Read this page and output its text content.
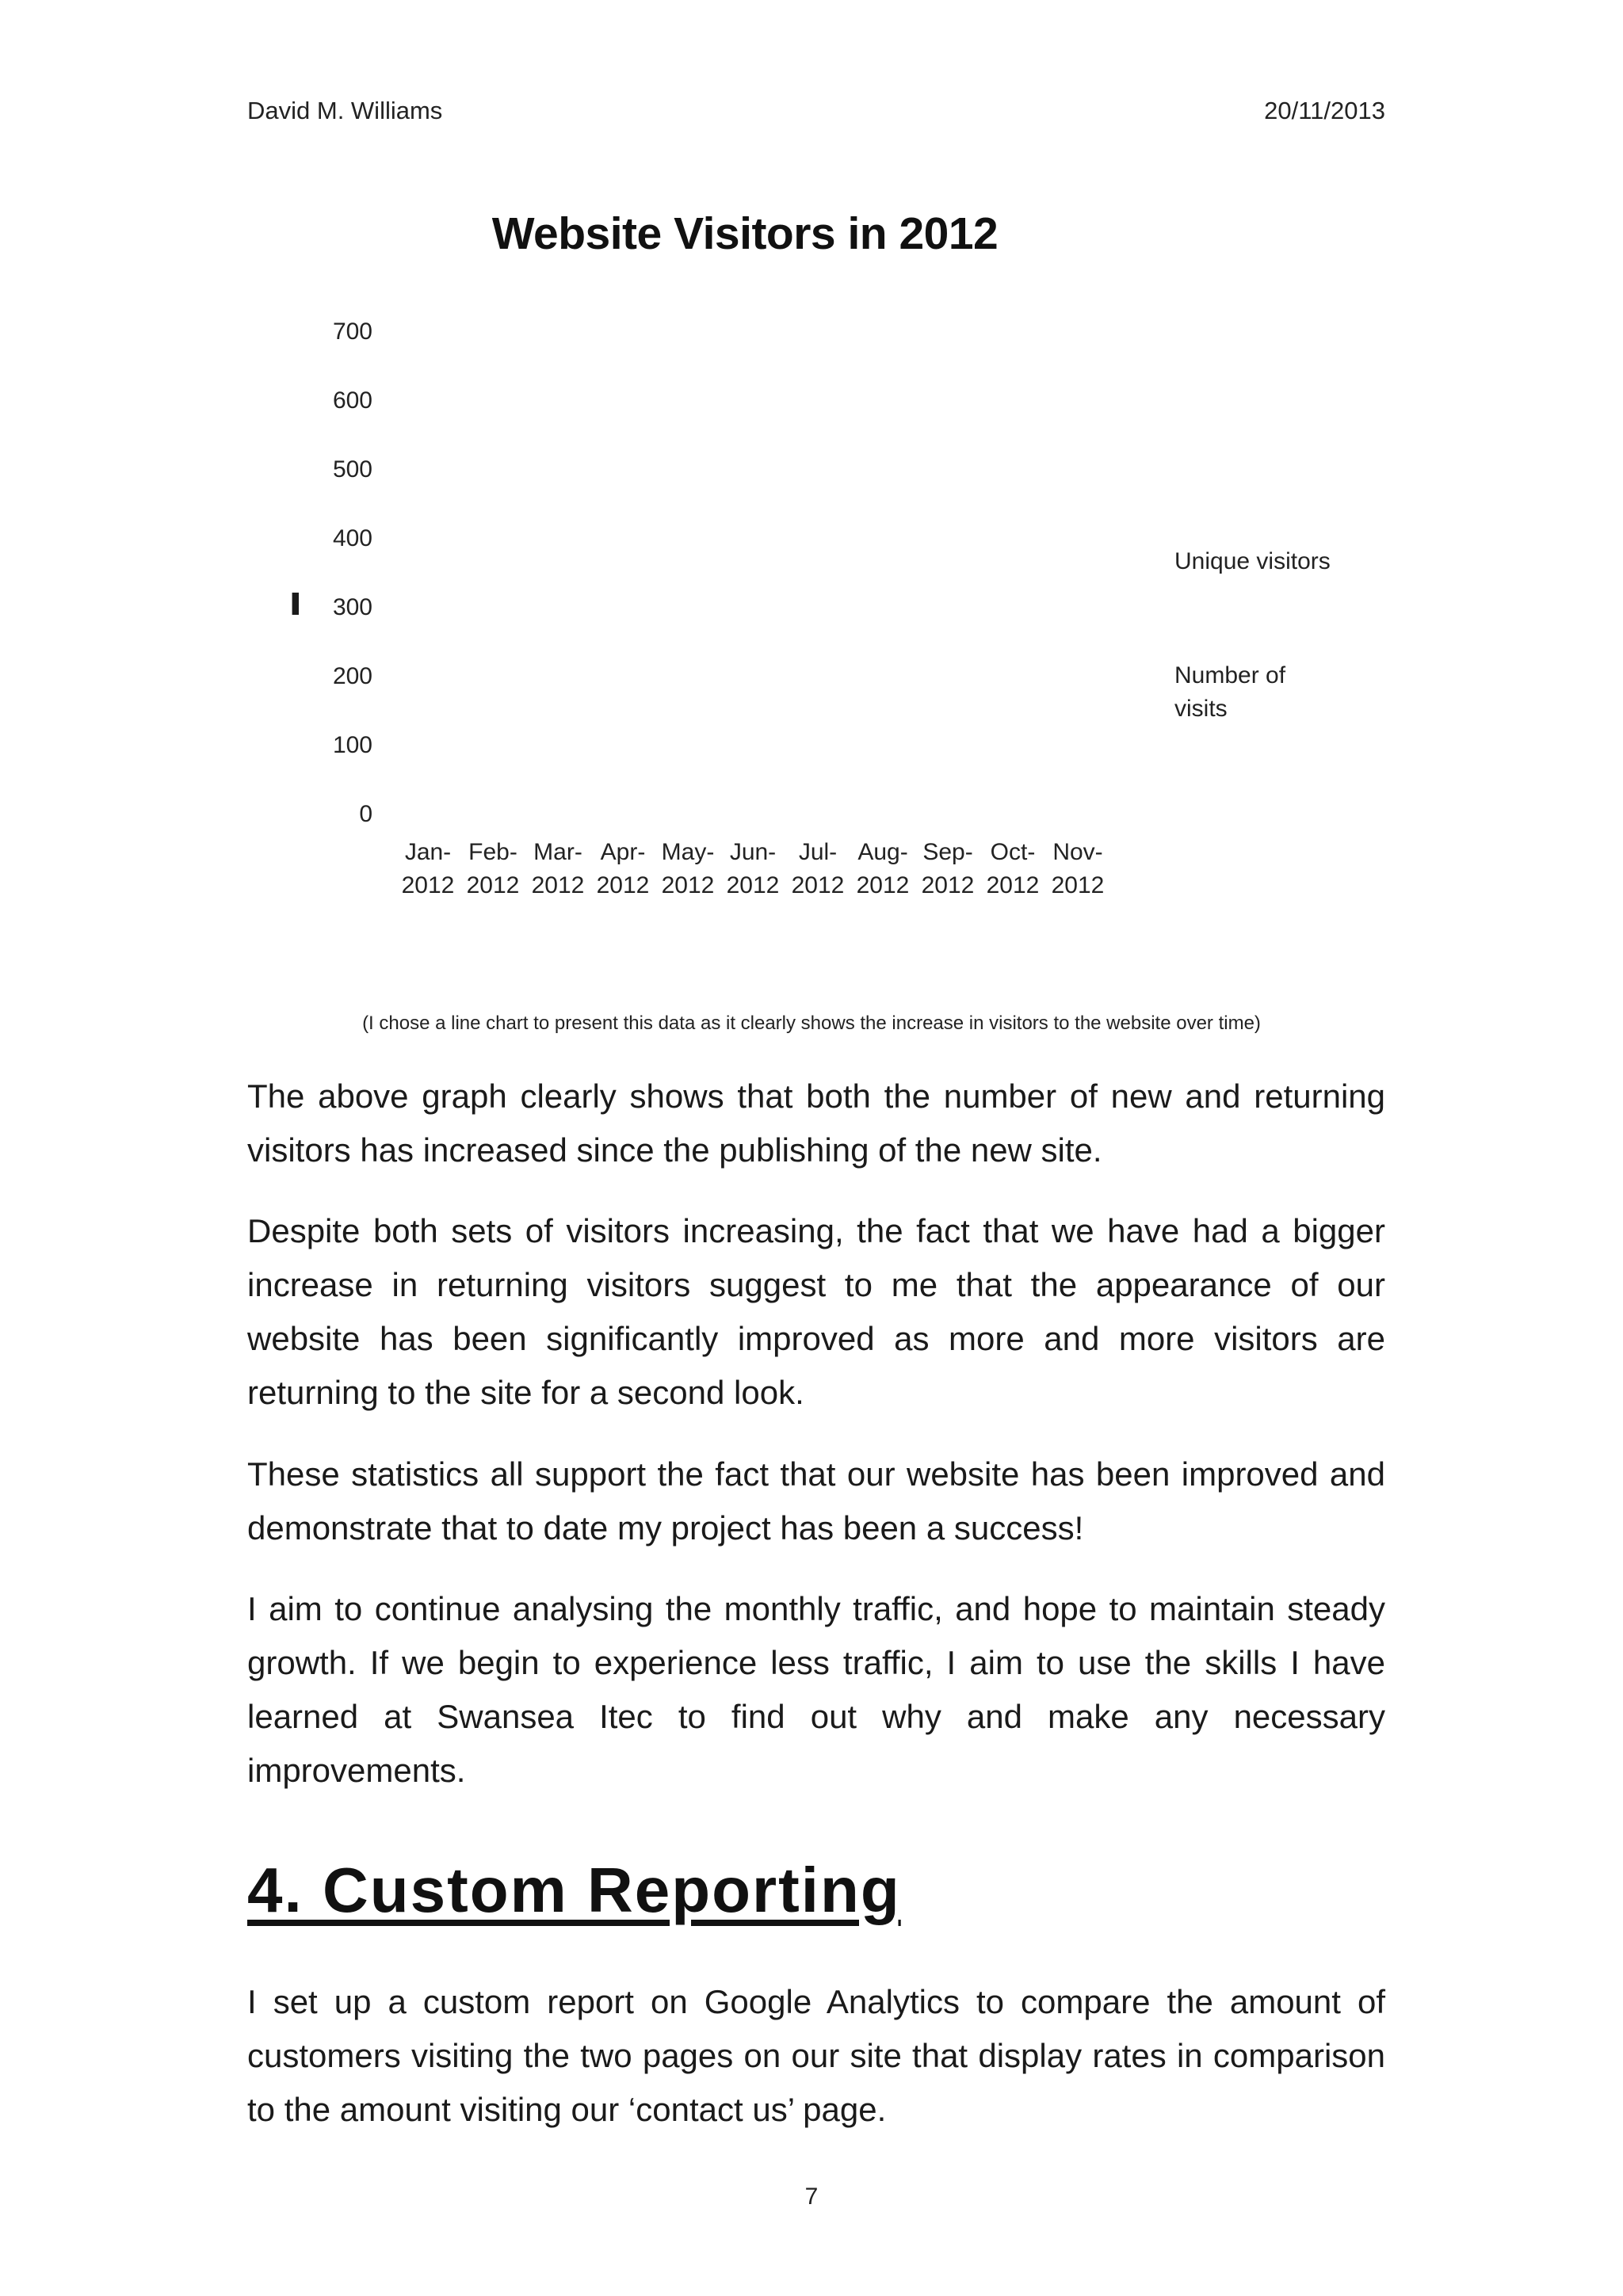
David M. Williams	20/11/2013
Website Visitors in 2012
700
600
500
400
300
200
100
0
▬
Jan-
2012
Feb-
2012
Mar-
2012
Apr-
2012
May-
2012
Jun-
2012
Jul-
2012
Aug-
2012
Sep-
2012
Oct-
2012
Nov-
2012
Unique visitors
Number of
visits
(I chose a line chart to present this data as it clearly shows the increase in visitors to the website over time)
The above graph clearly shows that both the number of new and returning visitors has increased since the publishing of the new site.
Despite both sets of visitors increasing, the fact that we have had a bigger increase in returning visitors suggest to me that the appearance of our website has been significantly improved as more and more visitors are returning to the site for a second look.
These statistics all support the fact that our website has been improved and demonstrate that to date my project has been a success!
I aim to continue analysing the monthly traffic, and hope to maintain steady growth. If we begin to experience less traffic, I aim to use the skills I have learned at Swansea Itec to find out why and make any necessary improvements.
4. Custom Reporting
I set up a custom report on Google Analytics to compare the amount of customers visiting the two pages on our site that display rates in comparison to the amount visiting our ‘contact us’ page.
7
